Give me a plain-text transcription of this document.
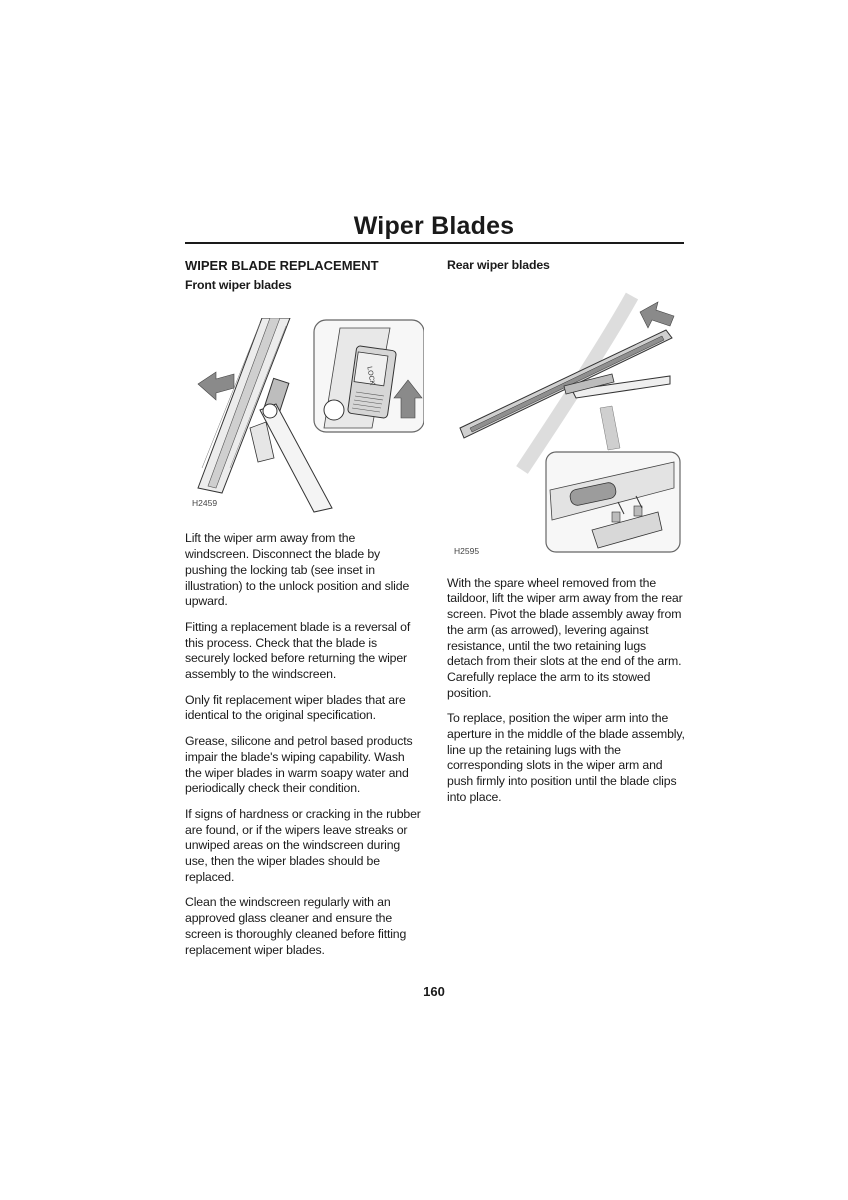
Wiper Blades
WIPER BLADE REPLACEMENT
Front wiper blades

Lift the wiper arm away from the windscreen. Disconnect the blade by pushing the locking tab (see inset in illustration) to the unlock position and slide upward.

Fitting a replacement blade is a reversal of this process. Check that the blade is securely locked before returning the wiper assembly to the windscreen.

Only fit replacement wiper blades that are identical to the original specification.

Grease, silicone and petrol based products impair the blade's wiping capability. Wash the wiper blades in warm soapy water and periodically check their condition.

If signs of hardness or cracking in the rubber are found, or if the wipers leave streaks or unwiped areas on the windscreen during use, then the wiper blades should be replaced.

Clean the windscreen regularly with an approved glass cleaner and ensure the screen is thoroughly cleaned before fitting replacement wiper blades.

LOCK
H2459
Rear wiper blades

With the spare wheel removed from the taildoor, lift the wiper arm away from the rear screen. Pivot the blade assembly away from the arm (as arrowed), levering against resistance, until the two retaining lugs detach from their slots at the end of the arm. Carefully replace the arm to its stowed position.

To replace, position the wiper arm into the aperture in the middle of the blade assembly, line up the retaining lugs with the corresponding slots in the wiper arm and push firmly into position until the blade clips into place.

H2595
160
